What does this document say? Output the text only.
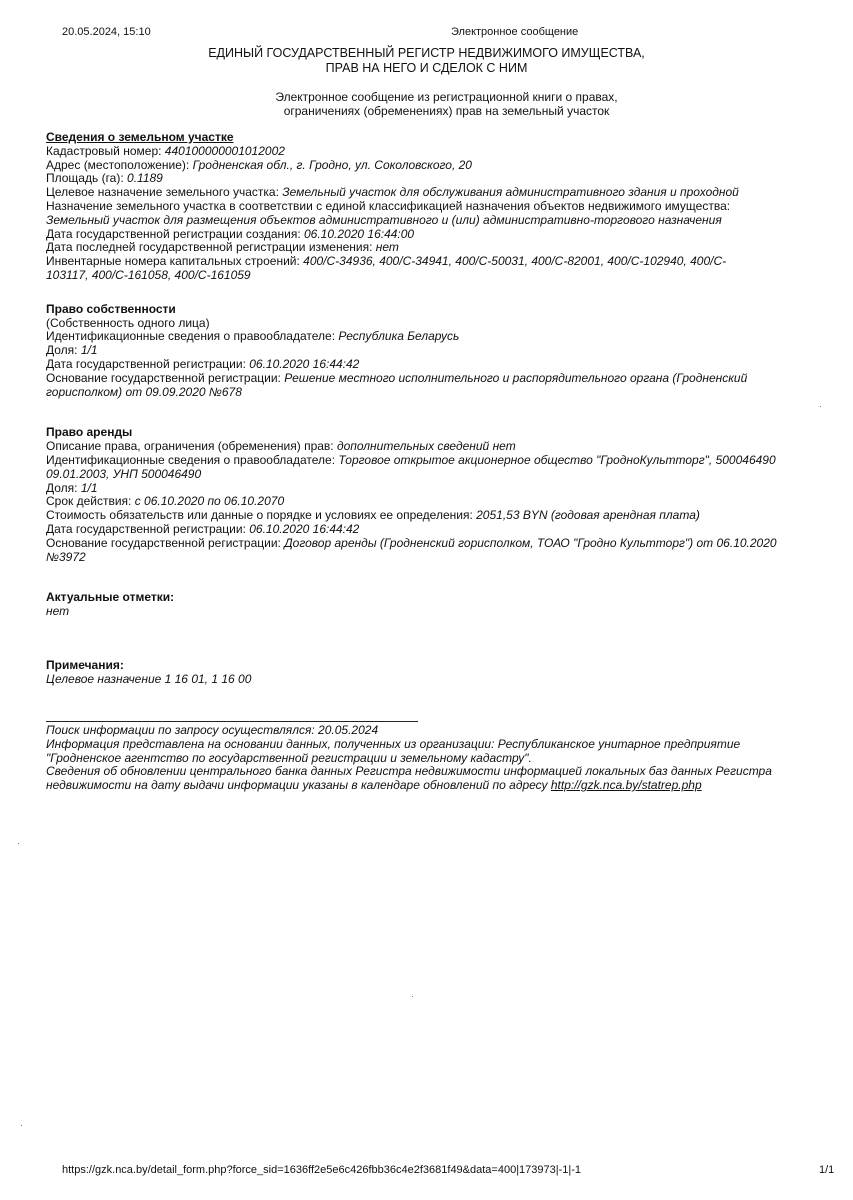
20.05.2024, 15:10	Электронное сообщение
ЕДИНЫЙ ГОСУДАРСТВЕННЫЙ РЕГИСТР НЕДВИЖИМОГО ИМУЩЕСТВА,
ПРАВ НА НЕГО И СДЕЛОК С НИМ
Электронное сообщение из регистрационной книги о правах,
ограничениях (обременениях) прав на земельный участок
Сведения о земельном участке
Кадастровый номер: 440100000001012002
Адрес (местоположение): Гродненская обл., г. Гродно, ул. Соколовского, 20
Площадь (га): 0.1189
Целевое назначение земельного участка: Земельный участок для обслуживания административного здания и проходной
Назначение земельного участка в соответствии с единой классификацией назначения объектов недвижимого имущества:
Земельный участок для размещения объектов административного и (или) административно-торгового назначения
Дата государственной регистрации создания: 06.10.2020 16:44:00
Дата последней государственной регистрации изменения: нет
Инвентарные номера капитальных строений: 400/С-34936, 400/С-34941, 400/С-50031, 400/С-82001, 400/С-102940, 400/С-
103117, 400/С-161058, 400/С-161059
Право собственности
(Собственность одного лица)
Идентификационные сведения о правообладателе: Республика Беларусь
Доля: 1/1
Дата государственной регистрации: 06.10.2020 16:44:42
Основание государственной регистрации: Решение местного исполнительного и распорядительного органа (Гродненский
горисполком) от 09.09.2020 №678
Право аренды
Описание права, ограничения (обременения) прав: дополнительных сведений нет
Идентификационные сведения о правообладателе: Торговое открытое акционерное общество "ГродноКультторг", 500046490
09.01.2003, УНП 500046490
Доля: 1/1
Срок действия: с 06.10.2020 по 06.10.2070
Стоимость обязательств или данные о порядке и условиях ее определения: 2051,53 BYN (годовая арендная плата)
Дата государственной регистрации: 06.10.2020 16:44:42
Основание государственной регистрации: Договор аренды (Гродненский горисполком, ТОАО "Гродно Культторг") от 06.10.2020
№3972
Актуальные отметки:
нет
Примечания:
Целевое назначение 1 16 01, 1 16 00
Поиск информации по запросу осуществлялся: 20.05.2024
Информация представлена на основании данных, полученных из организации: Республиканское унитарное предприятие
"Гродненское агентство по государственной регистрации и земельному кадастру".
Сведения об обновлении центрального банка данных Регистра недвижимости информацией локальных баз данных Регистра
недвижимости на дату выдачи информации указаны в календаре обновлений по адресу http://gzk.nca.by/statrep.php
https://gzk.nca.by/detail_form.php?force_sid=1636ff2e5e6c426fbb36c4e2f3681f49&data=400|173973|-1|-1	1/1
